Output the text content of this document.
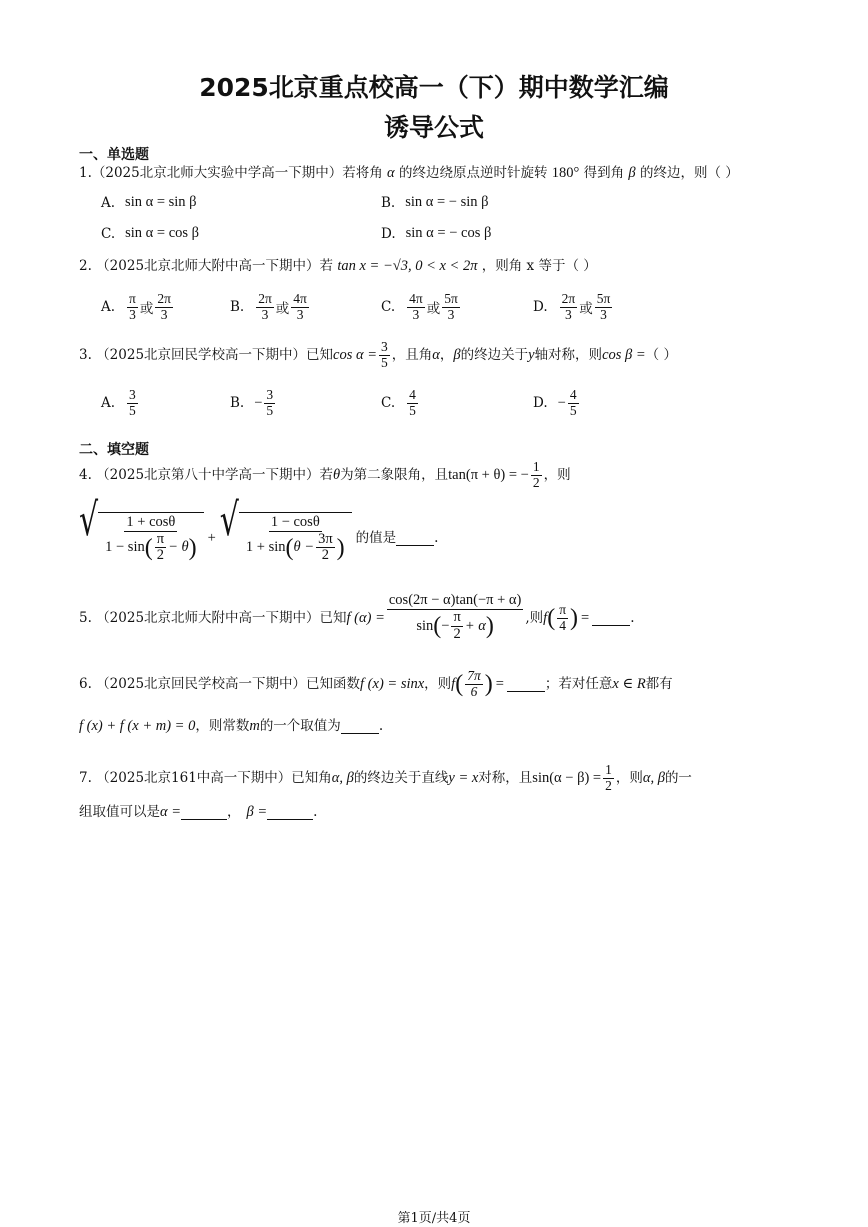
2025北京重点校高一（下）期中数学汇编
诱导公式
一、单选题
1.（2025北京北师大实验中学高一下期中）若将角 α 的终边绕原点逆时针旋转 180° 得到角 β 的终边，则（ ）
A. sin α = sin β	B. sin α = − sin β
C. sin α = cos β	D. sin α = − cos β
2. （2025北京北师大附中高一下期中）若 tan x = −√3, 0 < x < 2π ，则角 x 等于（ ）
A. $\frac{\pi}{3}$ 或 $\frac{2\pi}{3}$	B. $\frac{2\pi}{3}$ 或 $\frac{4\pi}{3}$	C. $\frac{4\pi}{3}$ 或 $\frac{5\pi}{3}$	D. $\frac{2\pi}{3}$ 或 $\frac{5\pi}{3}$
3. （2025北京回民学校高一下期中）已知 $\cos \alpha = \frac{3}{5}$ ，且角 α ， β 的终边关于 y 轴对称，则 cos β = （ ）
A. $\frac{3}{5}$	B. − $\frac{3}{5}$	C. $\frac{4}{5}$	D. − $\frac{4}{5}$
二、填空题
4. （2025北京第八十中学高一下期中）若 θ 为第二象限角，且 tan(π + θ) = − $\frac{1}{2}$ ，则
√ 1 + cosθ
1 − sin ( $\frac{\pi}{2} - \theta$ ) + √ 1 − cosθ
1 + sin ( $\theta - \frac{3\pi}{2}$ ) 的值是	.
5. （2025北京北师大附中高一下期中）已知 f $(\alpha) = \frac{\cos(2\pi - \alpha)\tan(-\pi + \alpha)}{\sin ( - \frac{\pi}{2} + \alpha )}$ ,则 f ( $\frac{\pi}{4}$ ) =	.
6. （2025北京回民学校高一下期中）已知函数 f (x) = sinx ，则 f ( $\frac{7\pi}{6}$ ) =	；若对任意 x ∈ R 都有
f (x) + f (x + m) = 0 ，则常数 m 的一个取值为	.
7. （2025北京161中高一下期中）已知角 α, β 的终边关于直线 y = x 对称，且 $\sin(\alpha - \beta) = \frac{1}{2}$ ，则 α, β 的一
组取值可以是 α =	， β =	.
第1页/共4页
